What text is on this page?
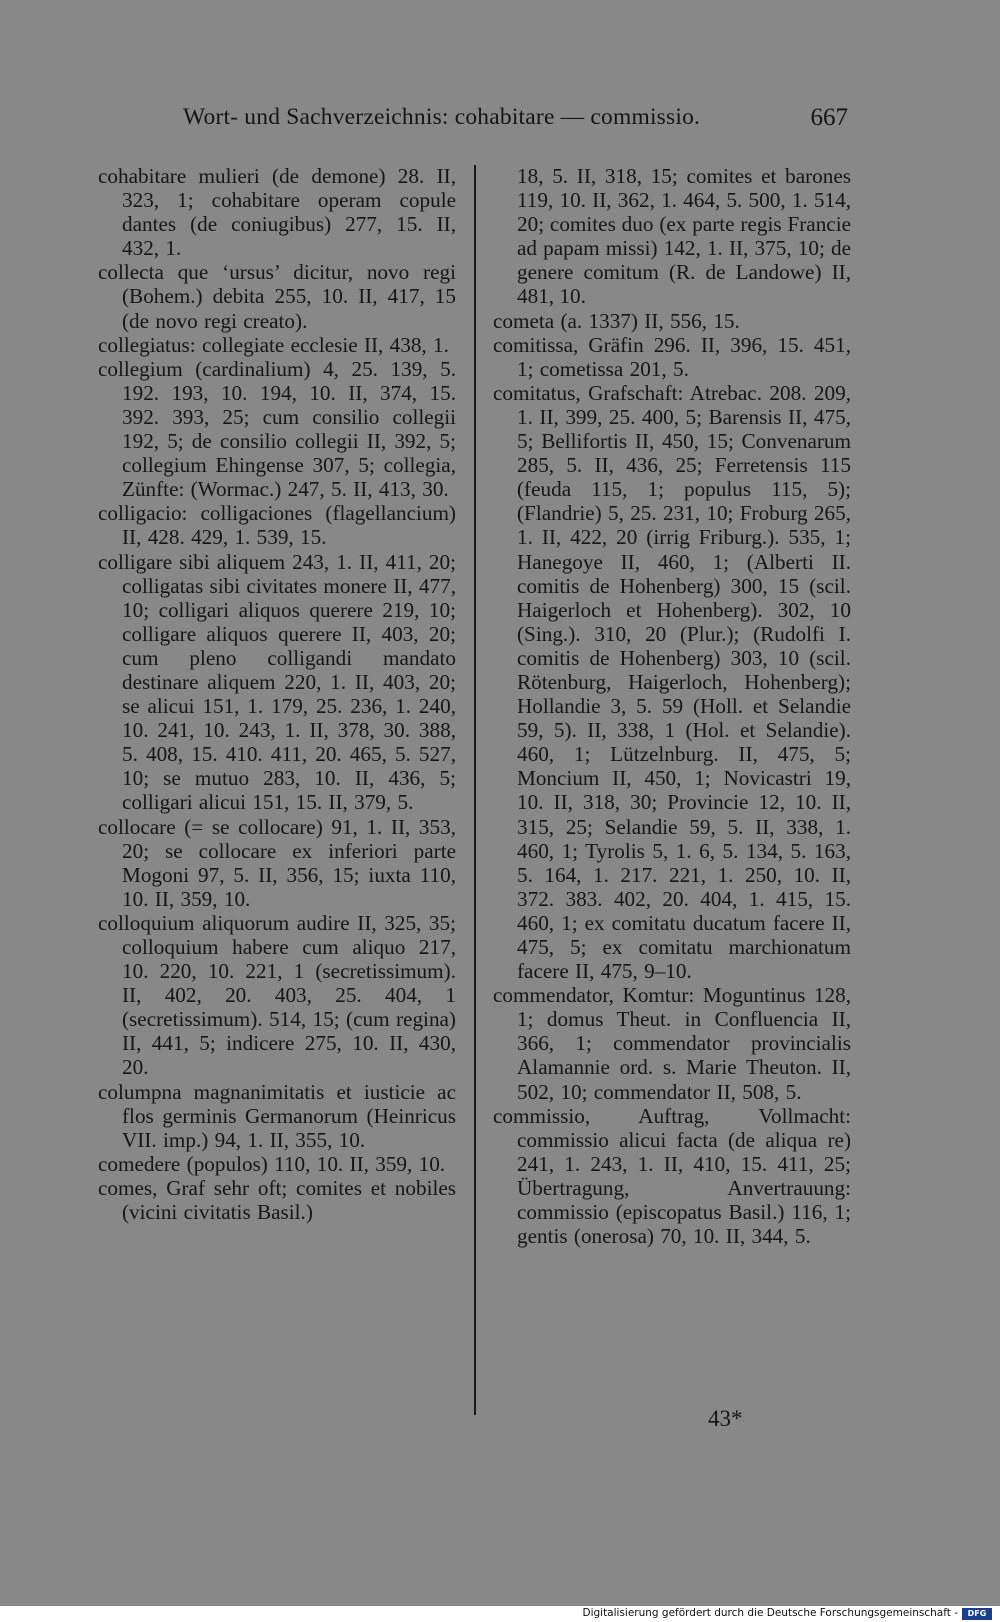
Wort- und Sachverzeichnis: cohabitare — commissio.	667
cohabitare mulieri (de demone) 28. II, 323, 1; cohabitare operam copule dantes (de coniugibus) 277, 15. II, 432, 1.
collecta que ‘ursus’ dicitur, novo regi (Bohem.) debita 255, 10. II, 417, 15 (de novo regi creato).
collegiatus: collegiate ecclesie II, 438, 1.
collegium (cardinalium) 4, 25. 139, 5. 192. 193, 10. 194, 10. II, 374, 15. 392. 393, 25; cum consilio collegii 192, 5; de consilio collegii II, 392, 5; collegium Ehingense 307, 5; collegia, Zünfte: (Wormac.) 247, 5. II, 413, 30.
colligacio: colligaciones (flagellancium) II, 428. 429, 1. 539, 15.
colligare sibi aliquem 243, 1. II, 411, 20; colligatas sibi civitates monere II, 477, 10; colligari aliquos querere 219, 10; colligare aliquos querere II, 403, 20; cum pleno colligandi mandato destinare aliquem 220, 1. II, 403, 20; se alicui 151, 1. 179, 25. 236, 1. 240, 10. 241, 10. 243, 1. II, 378, 30. 388, 5. 408, 15. 410. 411, 20. 465, 5. 527, 10; se mutuo 283, 10. II, 436, 5; colligari alicui 151, 15. II, 379, 5.
collocare (= se collocare) 91, 1. II, 353, 20; se collocare ex inferiori parte Mogoni 97, 5. II, 356, 15; iuxta 110, 10. II, 359, 10.
colloquium aliquorum audire II, 325, 35; colloquium habere cum aliquo 217, 10. 220, 10. 221, 1 (secretissimum). II, 402, 20. 403, 25. 404, 1 (secretissimum). 514, 15; (cum regina) II, 441, 5; indicere 275, 10. II, 430, 20.
columpna magnanimitatis et iusticie ac flos germinis Germanorum (Heinricus VII. imp.) 94, 1. II, 355, 10.
comedere (populos) 110, 10. II, 359, 10.
comes, Graf sehr oft; comites et nobiles (vicini civitatis Basil.)
18, 5. II, 318, 15; comites et barones 119, 10. II, 362, 1. 464, 5. 500, 1. 514, 20; comites duo (ex parte regis Francie ad papam missi) 142, 1. II, 375, 10; de genere comitum (R. de Landowe) II, 481, 10.
cometa (a. 1337) II, 556, 15.
comitissa, Gräfin 296. II, 396, 15. 451, 1; cometissa 201, 5.
comitatus, Grafschaft: Atrebac. 208. 209, 1. II, 399, 25. 400, 5; Barensis II, 475, 5; Bellifortis II, 450, 15; Convenarum 285, 5. II, 436, 25; Ferretensis 115 (feuda 115, 1; populus 115, 5); (Flandrie) 5, 25. 231, 10; Froburg 265, 1. II, 422, 20 (irrig Friburg.). 535, 1; Hanegoye II, 460, 1; (Alberti II. comitis de Hohenberg) 300, 15 (scil. Haigerloch et Hohenberg). 302, 10 (Sing.). 310, 20 (Plur.); (Rudolfi I. comitis de Hohenberg) 303, 10 (scil. Rötenburg, Haigerloch, Hohenberg); Hollandie 3, 5. 59 (Holl. et Selandie 59, 5). II, 338, 1 (Hol. et Selandie). 460, 1; Lützelnburg. II, 475, 5; Moncium II, 450, 1; Novicastri 19, 10. II, 318, 30; Provincie 12, 10. II, 315, 25; Selandie 59, 5. II, 338, 1. 460, 1; Tyrolis 5, 1. 6, 5. 134, 5. 163, 5. 164, 1. 217. 221, 1. 250, 10. II, 372. 383. 402, 20. 404, 1. 415, 15. 460, 1; ex comitatu ducatum facere II, 475, 5; ex comitatu marchionatum facere II, 475, 9–10.
commendator, Komtur: Moguntinus 128, 1; domus Theut. in Confluencia II, 366, 1; commendator provincialis Alamannie ord. s. Marie Theuton. II, 502, 10; commendator II, 508, 5.
commissio, Auftrag, Vollmacht: commissio alicui facta (de aliqua re) 241, 1. 243, 1. II, 410, 15. 411, 25; Übertragung, Anvertrauung: commissio (episcopatus Basil.) 116, 1; gentis (onerosa) 70, 10. II, 344, 5.
43*
Digitalisierung gefördert durch die Deutsche Forschungsgemeinschaft -	DFG
